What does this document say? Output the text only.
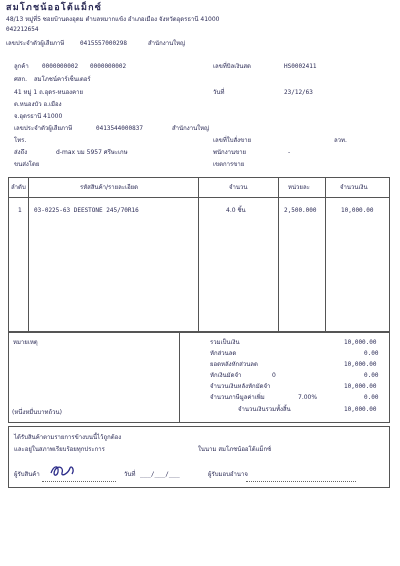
สมโภชน้ออโต้แม็กซ์
48/13 หมู่ที่5 ซอยบ้านดงอุดม ตำบลหมากแข้ง อำเภอเมือง จังหวัดอุดรธานี 41000
042212654
เลขประจำตัวผู้เสียภาษี	0415557000298	สำนักงานใหญ่
ลูกค้า 0000000002 0000000002	เลขที่บิลเงินสด	HS0002411
ศสก. สมโภชน์คาร์เซ็นเตอร์
41 หมู่ 1 ถ.อุดร-หนองคาย	วันที่	23/12/63
ต.หนองบัว อ.เมือง
จ.อุดรธานี 41000
เลขประจำตัวผู้เสียภาษี	0413544000837	สำนักงานใหญ่
โทร.	เลขที่ใบสั่งขาย	ลวท.
ส่งถึง	d-max บม 5957 ศรีษะเกษ	พนักงานขาย	-
ขนส่งโดย	เขตการขาย
ลำดับ	รหัสสินค้า/รายละเอียด	จำนวน	หน่วยละ	จำนวนเงิน
1 03-0225-63 DEESTONE 245/70R16	4.0 ชิ้น	2,500.000	10,000.00
หมายเหตุ
(หนึ่งหมื่นบาทถ้วน)
รวมเป็นเงิน	10,000.00
หักส่วนลด	0.00
ยอดหลังหักส่วนลด	10,000.00
หักเงินมัดจำ	0	0.00
จำนวนเงินหลังหักมัดจำ	10,000.00
จำนวนภาษีมูลค่าเพิ่ม	7.00%	0.00
จำนวนเงินรวมทั้งสิ้น	10,000.00
ได้รับสินค้าตามรายการข้างบนนี้ไว้ถูกต้อง
และอยู่ในสภาพเรียบร้อยทุกประการ	ในนาม สมโภชน้ออโต้แม็กซ์
ผู้รับสินค้า	วันที่ ___/___/___	ผู้รับมอบอำนาจ
